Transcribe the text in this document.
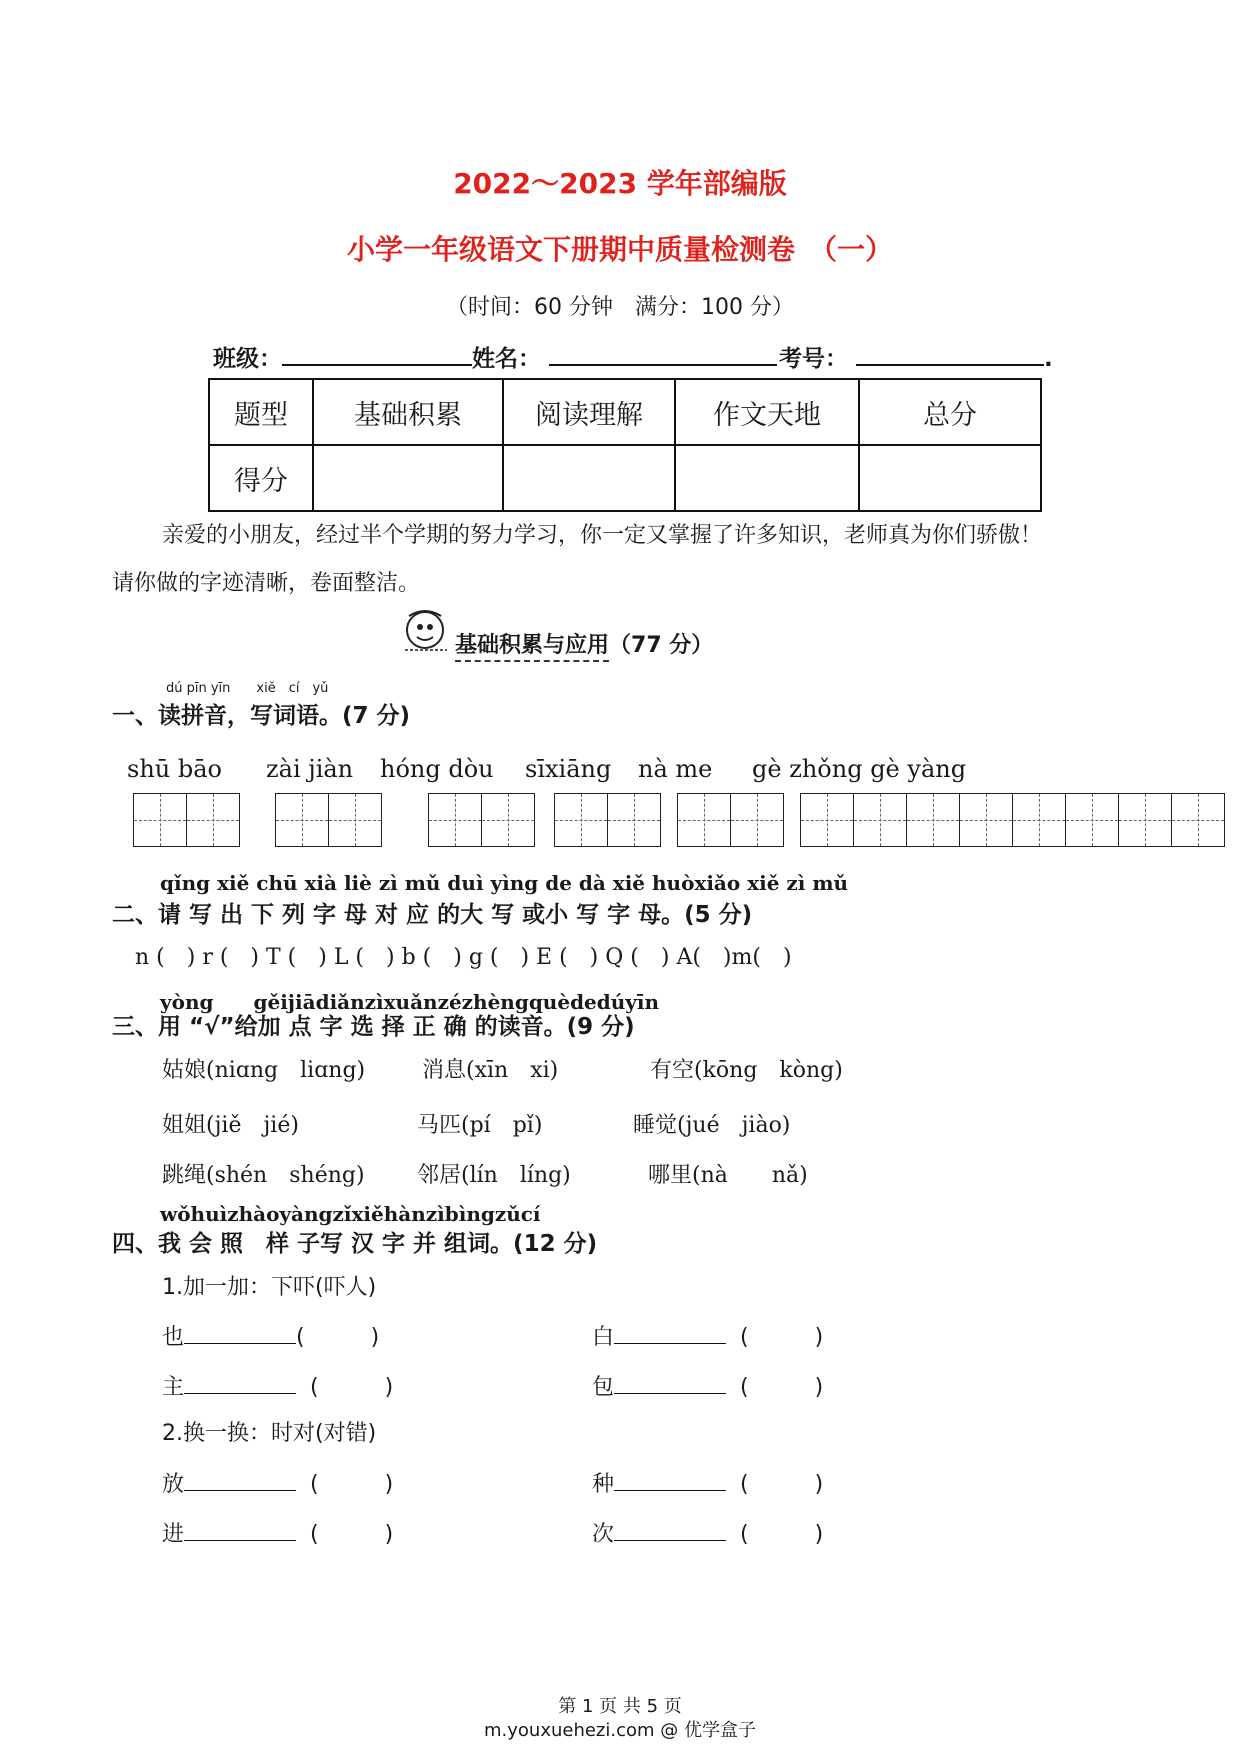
2022～2023 学年部编版
小学一年级语文下册期中质量检测卷　（一）
（时间：60 分钟　满分：100 分）
班级：	姓名：	考号：	.
题型	基础积累	阅读理解	作文天地	总分
得分				
亲爱的小朋友，经过半个学期的努力学习，你一定又掌握了许多知识，老师真为你们骄傲！
请你做的字迹清晰，卷面整洁。
基础积累与应用（77 分）
dú pīn yīn　　xiě　cí　yǔ
一、读拼音，写词语。(7 分)
shū bāo zài jiàn hóng dòu sīxiāng nà me gè zhǒng gè yàng
qǐng xiě chū xià liè zì mǔ duì yìng de dà xiě huòxiǎo xiě zì mǔ
二、请 写 出 下 列 字 母 对 应 的大 写 或小 写 字 母。(5 分)
n (　) r (　) T (　) L (　) b (　) g (　) E (　) Q (　) A(　)m(　)
yòng　　gěijiādiǎnzìxuǎnzézhèngquèdedúyīn
三、用 “√”给加 点 字 选 择 正 确 的读音。(9 分)
姑娘(niɑng　liɑng)	消息(xīn　xi)	有空(kōng　kòng)
姐姐(jiě　jié)	马匹(pí　pǐ)	睡觉(jué　jiào)
跳绳(shén　shéng) 邻居(lín　líng)	哪里(nà　　nǎ)
wǒhuìzhàoyàngzǐxiěhànzìbìngzǔcí
四、我 会 照　样 子写 汉 字 并 组词。(12 分)
1.加一加：下吓(吓人)
也	(　　　)	白	(　　　)
主	(　　　)	包	(　　　)
2.换一换：时对(对错)
放	(　　　)	种	(　　　)
进	(　　　)	次	(　　　)
第 1 页 共 5 页
m.youxuehezi.com @ 优学盒子
